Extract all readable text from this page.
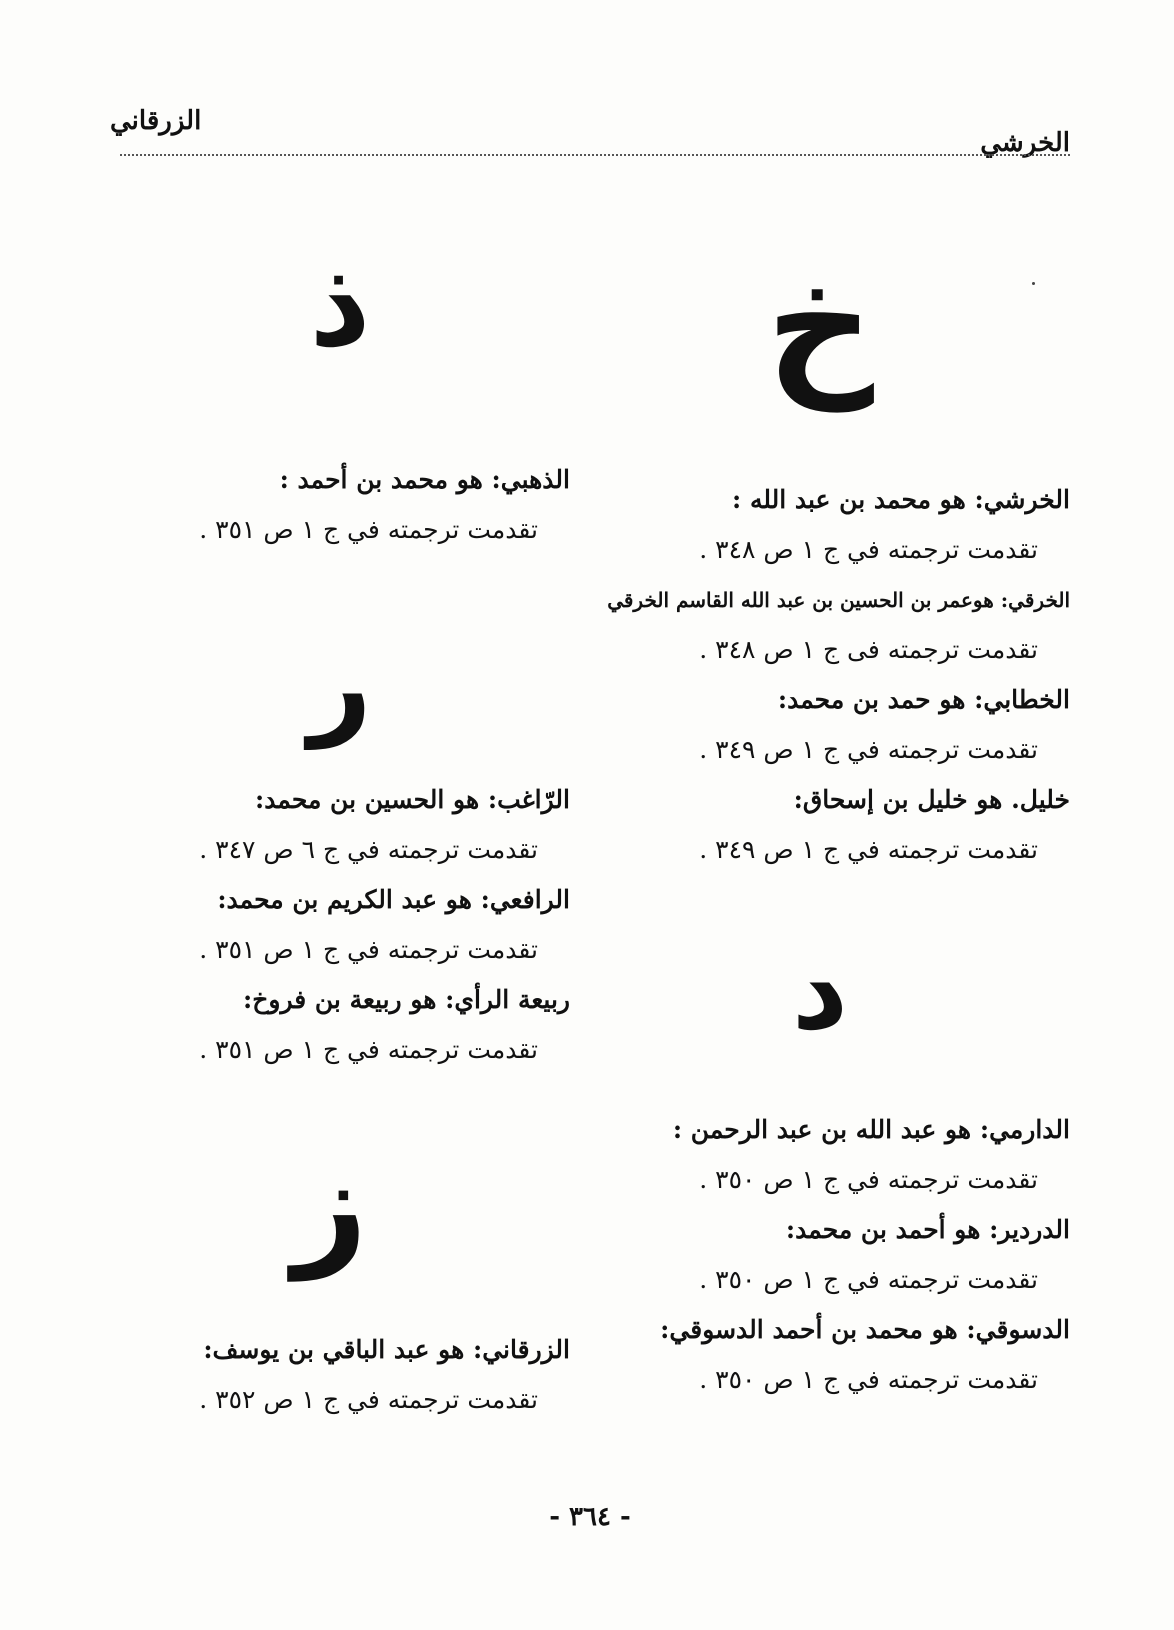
الخرشي
الزرقاني
خ
الخرشي: هو محمد بن عبد الله :
تقدمت ترجمته في ج ١ ص ٣٤٨ .
الخرقي: هوعمر بن الحسين بن عبد الله القاسم الخرقي
تقدمت ترجمته فى ج ١ ص ٣٤٨ .
الخطابي: هو حمد بن محمد:
تقدمت ترجمته في ج ١ ص ٣٤٩ .
خليل. هو خليل بن إسحاق:
تقدمت ترجمته في ج ١ ص ٣٤٩ .
د
الدارمي: هو عبد الله بن عبد الرحمن :
تقدمت ترجمته في ج ١ ص ٣٥٠ .
الدردير: هو أحمد بن محمد:
تقدمت ترجمته في ج ١ ص ٣٥٠ .
الدسوقي: هو محمد بن أحمد الدسوقي:
تقدمت ترجمته في ج ١ ص ٣٥٠ .
ذ
الذهبي: هو محمد بن أحمد :
تقدمت ترجمته في ج ١ ص ٣٥١ .
ر
الرّاغب: هو الحسين بن محمد:
تقدمت ترجمته في ج ٦ ص ٣٤٧ .
الرافعي: هو عبد الكريم بن محمد:
تقدمت ترجمته في ج ١ ص ٣٥١ .
ربيعة الرأي: هو ربيعة بن فروخ:
تقدمت ترجمته في ج ١ ص ٣٥١ .
ز
الزرقاني: هو عبد الباقي بن يوسف:
تقدمت ترجمته في ج ١ ص ٣٥٢ .
- ٣٦٤ -
